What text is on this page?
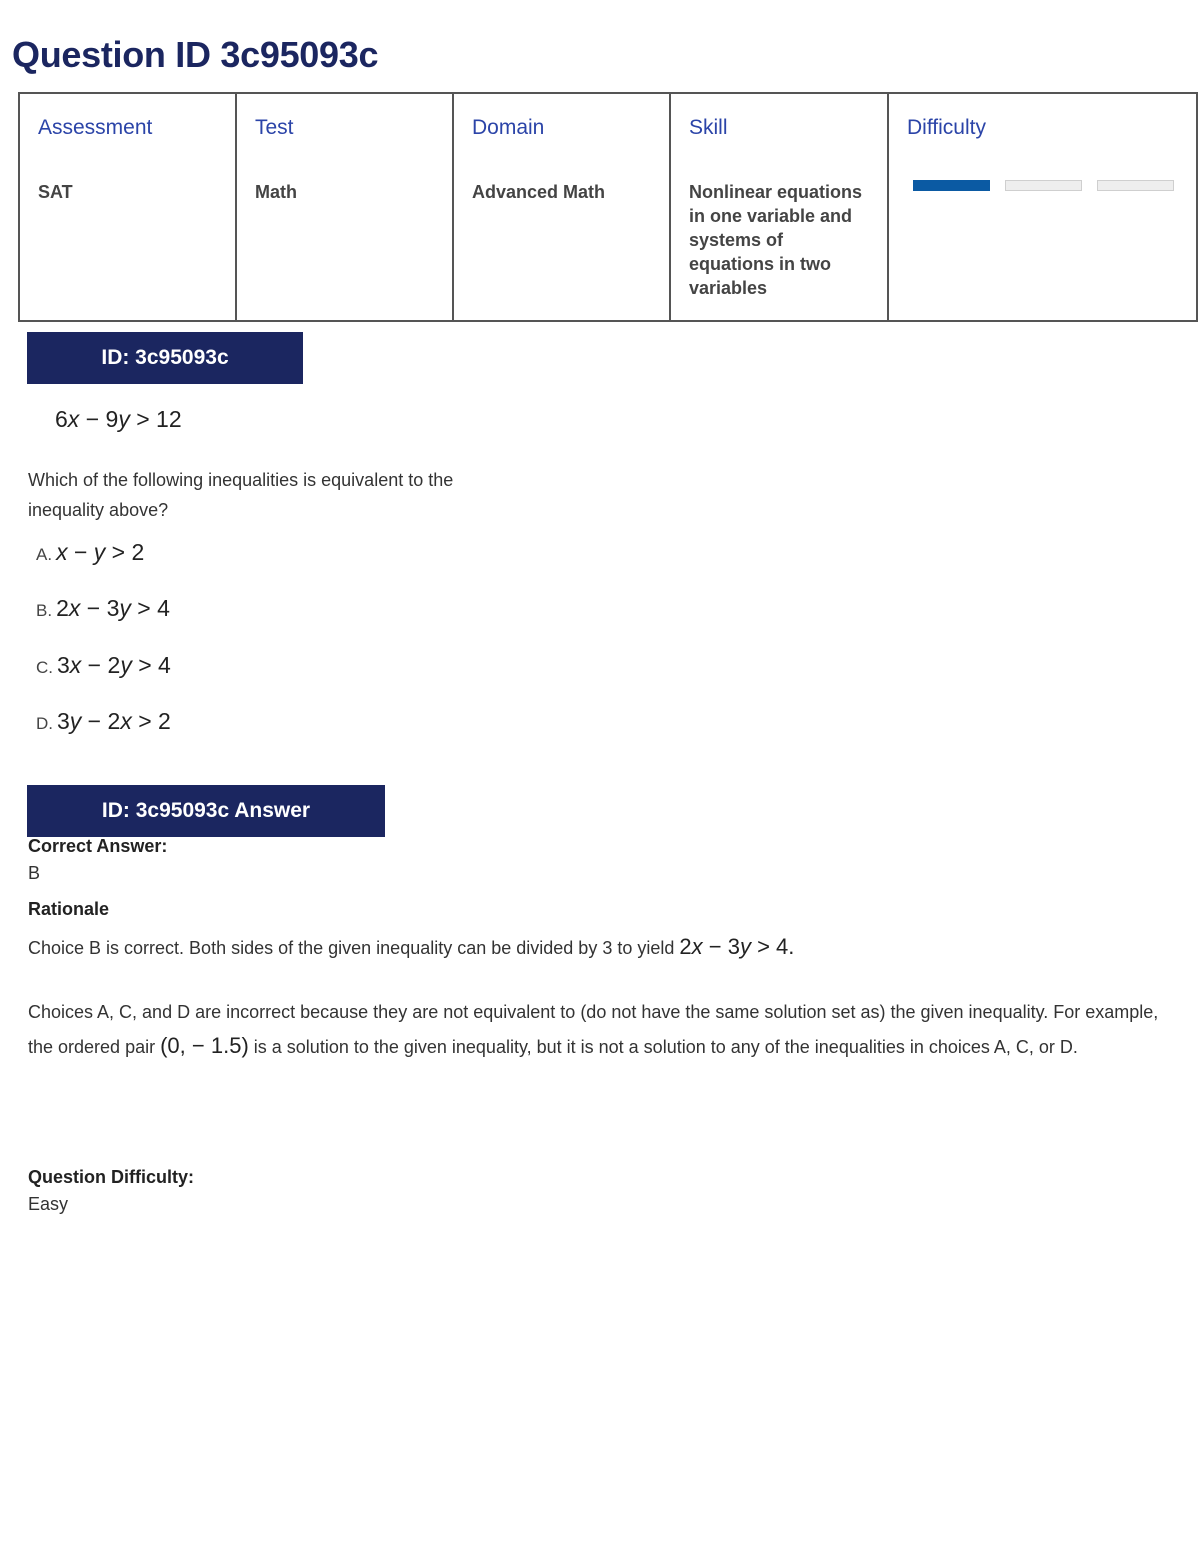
Question ID 3c95093c
Assessment	Test	Domain	Skill	Difficulty

SAT	Math	Advanced Math	Nonlinear equations in one variable and systems of equations in two variables	

ID: 3c95093c
6x − 9y > 12

Which of the following inequalities is equivalent to the inequality above?

A. x − y > 2
B. 2x − 3y > 4
C. 3x − 2y > 4
D. 3y − 2x > 2
ID: 3c95093c Answer
Correct Answer:
B
Rationale

Choice B is correct. Both sides of the given inequality can be divided by 3 to yield 2x − 3y > 4.

Choices A, C, and D are incorrect because they are not equivalent to (do not have the same solution set as) the given inequality. For example, the ordered pair (0, − 1.5) is a solution to the given inequality, but it is not a solution to any of the inequalities in choices A, C, or D.

Question Difficulty:
Easy
